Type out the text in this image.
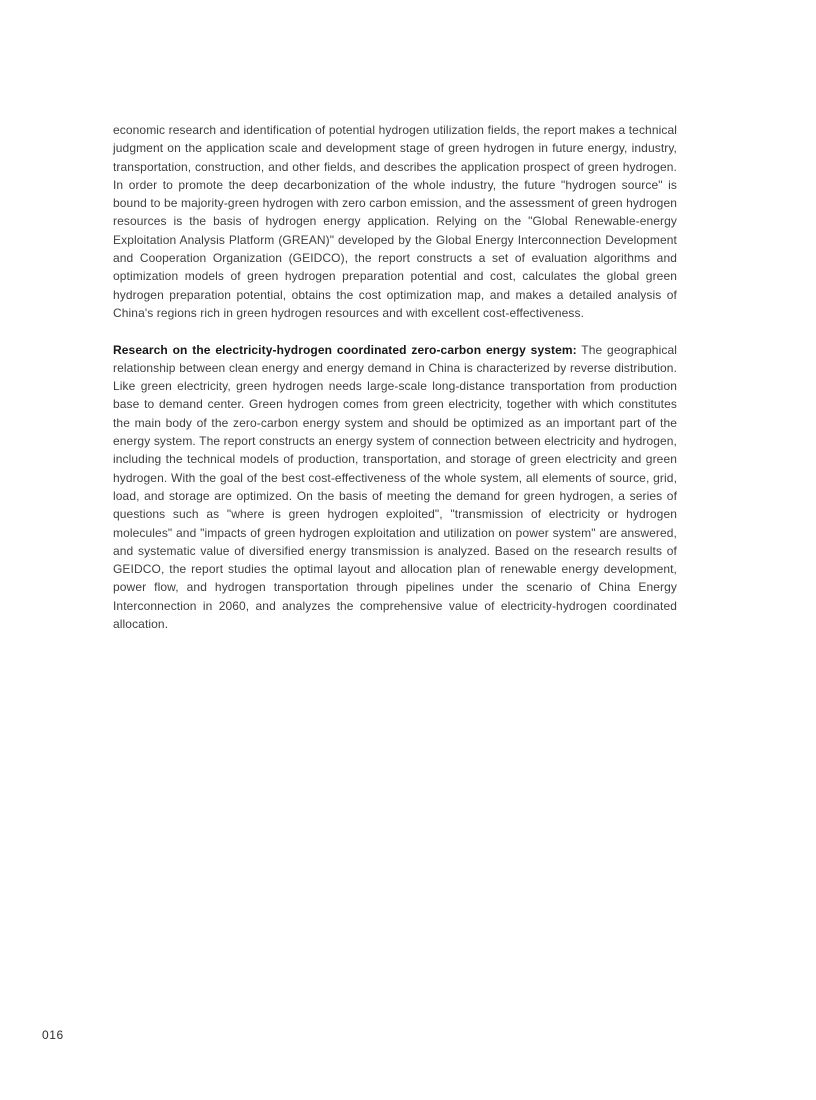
economic research and identification of potential hydrogen utilization fields, the report makes a technical judgment on the application scale and development stage of green hydrogen in future energy, industry, transportation, construction, and other fields, and describes the application prospect of green hydrogen. In order to promote the deep decarbonization of the whole industry, the future "hydrogen source" is bound to be majority-green hydrogen with zero carbon emission, and the assessment of green hydrogen resources is the basis of hydrogen energy application. Relying on the "Global Renewable-energy Exploitation Analysis Platform (GREAN)" developed by the Global Energy Interconnection Development and Cooperation Organization (GEIDCO), the report constructs a set of evaluation algorithms and optimization models of green hydrogen preparation potential and cost, calculates the global green hydrogen preparation potential, obtains the cost optimization map, and makes a detailed analysis of China's regions rich in green hydrogen resources and with excellent cost-effectiveness.

Research on the electricity-hydrogen coordinated zero-carbon energy system: The geographical relationship between clean energy and energy demand in China is characterized by reverse distribution. Like green electricity, green hydrogen needs large-scale long-distance transportation from production base to demand center. Green hydrogen comes from green electricity, together with which constitutes the main body of the zero-carbon energy system and should be optimized as an important part of the energy system. The report constructs an energy system of connection between electricity and hydrogen, including the technical models of production, transportation, and storage of green electricity and green hydrogen. With the goal of the best cost-effectiveness of the whole system, all elements of source, grid, load, and storage are optimized. On the basis of meeting the demand for green hydrogen, a series of questions such as "where is green hydrogen exploited", "transmission of electricity or hydrogen molecules" and "impacts of green hydrogen exploitation and utilization on power system" are answered, and systematic value of diversified energy transmission is analyzed. Based on the research results of GEIDCO, the report studies the optimal layout and allocation plan of renewable energy development, power flow, and hydrogen transportation through pipelines under the scenario of China Energy Interconnection in 2060, and analyzes the comprehensive value of electricity-hydrogen coordinated allocation.

016
